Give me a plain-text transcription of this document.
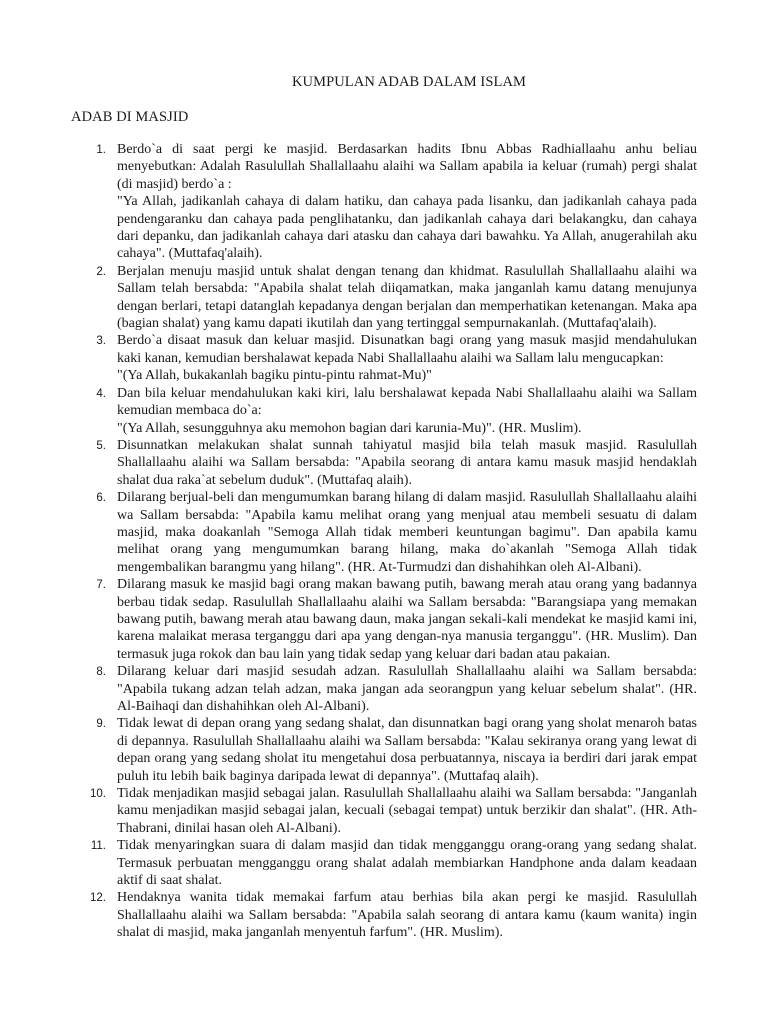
KUMPULAN ADAB DALAM ISLAM
ADAB DI MASJID
1. Berdo`a di saat pergi ke masjid. Berdasarkan hadits Ibnu Abbas Radhiallaahu anhu beliau menyebutkan: Adalah Rasulullah Shallallaahu alaihi wa Sallam apabila ia keluar (rumah) pergi shalat (di masjid) berdo`a :
"Ya Allah, jadikanlah cahaya di dalam hatiku, dan cahaya pada lisanku, dan jadikanlah cahaya pada pendengaranku dan cahaya pada penglihatanku, dan jadikanlah cahaya dari belakangku, dan cahaya dari depanku, dan jadikanlah cahaya dari atasku dan cahaya dari bawahku. Ya Allah, anugerahilah aku cahaya". (Muttafaq'alaih).
2. Berjalan menuju masjid untuk shalat dengan tenang dan khidmat. Rasulullah Shallallaahu alaihi wa Sallam telah bersabda: "Apabila shalat telah diiqamatkan, maka janganlah kamu datang menujunya dengan berlari, tetapi datanglah kepadanya dengan berjalan dan memperhatikan ketenangan. Maka apa (bagian shalat) yang kamu dapati ikutilah dan yang tertinggal sempurnakanlah. (Muttafaq'alaih).
3. Berdo`a disaat masuk dan keluar masjid. Disunatkan bagi orang yang masuk masjid mendahulukan kaki kanan, kemudian bershalawat kepada Nabi Shallallaahu alaihi wa Sallam lalu mengucapkan:
"(Ya Allah, bukakanlah bagiku pintu-pintu rahmat-Mu)"
4. Dan bila keluar mendahulukan kaki kiri, lalu bershalawat kepada Nabi Shallallaahu alaihi wa Sallam kemudian membaca do`a:
"(Ya Allah, sesungguhnya aku memohon bagian dari karunia-Mu)". (HR. Muslim).
5. Disunnatkan melakukan shalat sunnah tahiyatul masjid bila telah masuk masjid. Rasulullah Shallallaahu alaihi wa Sallam bersabda: "Apabila seorang di antara kamu masuk masjid hendaklah shalat dua raka`at sebelum duduk". (Muttafaq alaih).
6. Dilarang berjual-beli dan mengumumkan barang hilang di dalam masjid. Rasulullah Shallallaahu alaihi wa Sallam bersabda: "Apabila kamu melihat orang yang menjual atau membeli sesuatu di dalam masjid, maka doakanlah "Semoga Allah tidak memberi keuntungan bagimu". Dan apabila kamu melihat orang yang mengumumkan barang hilang, maka do`akanlah "Semoga Allah tidak mengembalikan barangmu yang hilang". (HR. At-Turmudzi dan dishahihkan oleh Al-Albani).
7. Dilarang masuk ke masjid bagi orang makan bawang putih, bawang merah atau orang yang badannya berbau tidak sedap. Rasulullah Shallallaahu alaihi wa Sallam bersabda: "Barangsiapa yang memakan bawang putih, bawang merah atau bawang daun, maka jangan sekali-kali mendekat ke masjid kami ini, karena malaikat merasa terganggu dari apa yang dengan-nya manusia terganggu". (HR. Muslim). Dan termasuk juga rokok dan bau lain yang tidak sedap yang keluar dari badan atau pakaian.
8. Dilarang keluar dari masjid sesudah adzan. Rasulullah Shallallaahu alaihi wa Sallam bersabda: "Apabila tukang adzan telah adzan, maka jangan ada seorangpun yang keluar sebelum shalat". (HR. Al-Baihaqi dan dishahihkan oleh Al-Albani).
9. Tidak lewat di depan orang yang sedang shalat, dan disunnatkan bagi orang yang sholat menaroh batas di depannya. Rasulullah Shallallaahu alaihi wa Sallam bersabda: "Kalau sekiranya orang yang lewat di depan orang yang sedang sholat itu mengetahui dosa perbuatannya, niscaya ia berdiri dari jarak empat puluh itu lebih baik baginya daripada lewat di depannya". (Muttafaq alaih).
10. Tidak menjadikan masjid sebagai jalan. Rasulullah Shallallaahu alaihi wa Sallam bersabda: "Janganlah kamu menjadikan masjid sebagai jalan, kecuali (sebagai tempat) untuk berzikir dan shalat". (HR. Ath-Thabrani, dinilai hasan oleh Al-Albani).
11. Tidak menyaringkan suara di dalam masjid dan tidak mengganggu orang-orang yang sedang shalat. Termasuk perbuatan mengganggu orang shalat adalah membiarkan Handphone anda dalam keadaan aktif di saat shalat.
12. Hendaknya wanita tidak memakai farfum atau berhias bila akan pergi ke masjid. Rasulullah Shallallaahu alaihi wa Sallam bersabda: "Apabila salah seorang di antara kamu (kaum wanita) ingin shalat di masjid, maka janganlah menyentuh farfum". (HR. Muslim).
